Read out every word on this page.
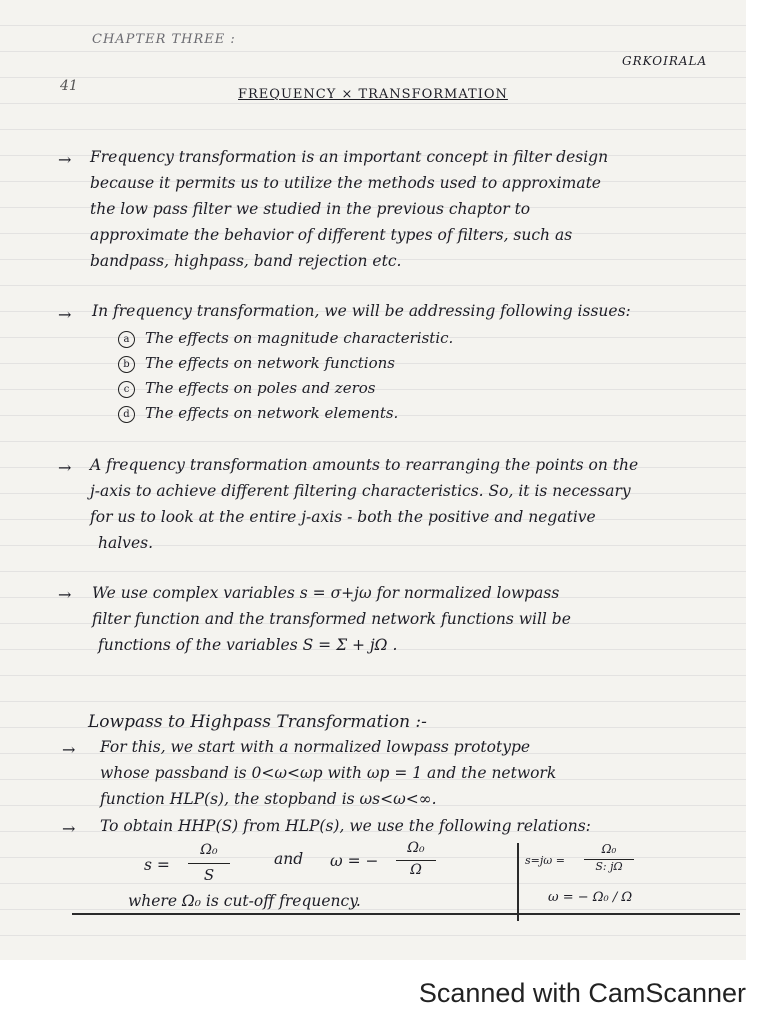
CHAPTER THREE :
41
GRKOIRALA
FREQUENCY × TRANSFORMATION
→ Frequency transformation is an important concept in filter design
because it permits us to utilize the methods used to approximate
the low pass filter we studied in the previous chaptor to
approximate the behavior of different types of filters, such as
bandpass, highpass, band rejection etc.
→ In frequency transformation, we will be addressing following issues:
a The effects on magnitude characteristic.
b The effects on network functions
c The effects on poles and zeros
d The effects on network elements.
→ A frequency transformation amounts to rearranging the points on the
j-axis to achieve different filtering characteristics. So, it is necessary
for us to look at the entire j-axis - both the positive and negative
halves.
→ We use complex variables s = σ+jω for normalized lowpass
filter function and the transformed network functions will be
functions of the variables S = Σ + jΩ .
Lowpass to Highpass Transformation :-
→ For this, we start with a normalized lowpass prototype
whose passband is 0<ω<ωp with ωp = 1 and the network
function HLP(s), the stopband is ωs<ω<∞.
→ To obtain HHP(S) from HLP(s), we use the following relations:
s =
Ω₀
S
and ω = −
Ω₀
Ω
s=jω =
Ω₀
S: jΩ
ω = − Ω₀ / Ω
where Ω₀ is cut-off frequency.
Scanned with CamScanner
